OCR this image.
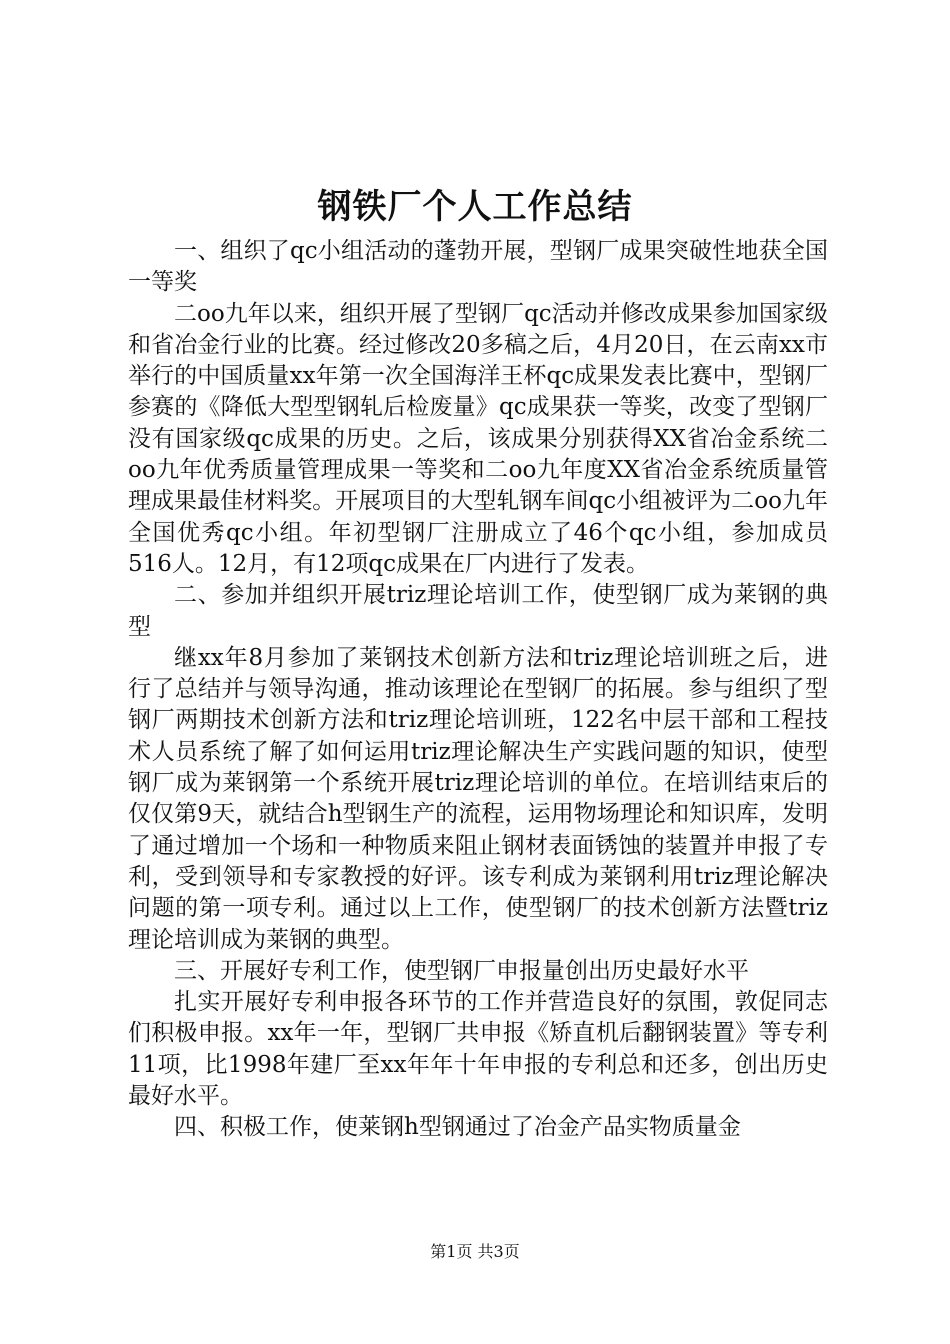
钢铁厂个人工作总结

一、组织了qc小组活动的蓬勃开展，型钢厂成果突破性地获全国一等奖

二oo九年以来，组织开展了型钢厂qc活动并修改成果参加国家级和省冶金行业的比赛。经过修改20多稿之后，4月20日，在云南xx市举行的中国质量xx年第一次全国海洋王杯qc成果发表比赛中，型钢厂参赛的《降低大型型钢轧后检废量》qc成果获一等奖，改变了型钢厂没有国家级qc成果的历史。之后，该成果分别获得XX省冶金系统二oo九年优秀质量管理成果一等奖和二oo九年度XX省冶金系统质量管理成果最佳材料奖。开展项目的大型轧钢车间qc小组被评为二oo九年全国优秀qc小组。年初型钢厂注册成立了46个qc小组，参加成员516人。12月，有12项qc成果在厂内进行了发表。

二、参加并组织开展triz理论培训工作，使型钢厂成为莱钢的典型

继xx年8月参加了莱钢技术创新方法和triz理论培训班之后，进行了总结并与领导沟通，推动该理论在型钢厂的拓展。参与组织了型钢厂两期技术创新方法和triz理论培训班，122名中层干部和工程技术人员系统了解了如何运用triz理论解决生产实践问题的知识，使型钢厂成为莱钢第一个系统开展triz理论培训的单位。在培训结束后的仅仅第9天，就结合h型钢生产的流程，运用物场理论和知识库，发明了通过增加一个场和一种物质来阻止钢材表面锈蚀的装置并申报了专利，受到领导和专家教授的好评。该专利成为莱钢利用triz理论解决问题的第一项专利。通过以上工作，使型钢厂的技术创新方法暨triz理论培训成为莱钢的典型。

三、开展好专利工作，使型钢厂申报量创出历史最好水平

扎实开展好专利申报各环节的工作并营造良好的氛围，敦促同志们积极申报。xx年一年，型钢厂共申报《矫直机后翻钢装置》等专利11项，比1998年建厂至xx年年十年申报的专利总和还多，创出历史最好水平。

四、积极工作，使莱钢h型钢通过了冶金产品实物质量金

第1页 共3页
